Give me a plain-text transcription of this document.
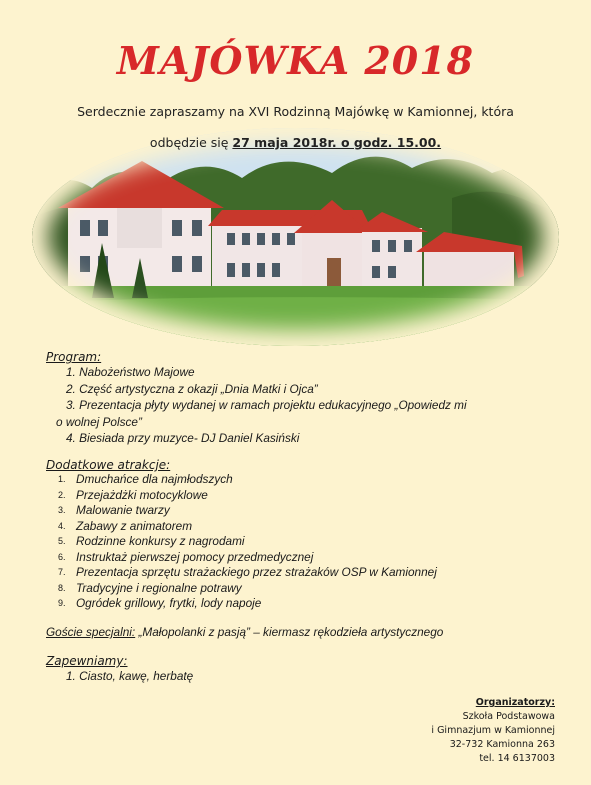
MAJÓWKA 2018

Serdecznie zapraszamy na XVI Rodzinną Majówkę w Kamionnej, która

odbędzie się 27 maja 2018r. o godz. 15.00.

Program:
1. Nabożeństwo Majowe
2. Część artystyczna z okazji „Dnia Matki i Ojca”
3. Prezentacja płyty wydanej w ramach projektu edukacyjnego „Opowiedz mi
o wolnej Polsce”
4. Biesiada przy muzyce- DJ Daniel Kasiński
Dodatkowe atrakcje:
1. Dmuchańce dla najmłodszych
2. Przejażdżki motocyklowe
3. Malowanie twarzy
4. Zabawy z animatorem
5. Rodzinne konkursy z nagrodami
6. Instruktaż pierwszej pomocy przedmedycznej
7. Prezentacja sprzętu strażackiego przez strażaków OSP w Kamionnej
8. Tradycyjne i regionalne potrawy
9. Ogródek grillowy, frytki, lody napoje
Goście specjalni: „Małopolanki z pasją” – kiermasz rękodzieła artystycznego
Zapewniamy:
1. Ciasto, kawę, herbatę
Organizatorzy:
Szkoła Podstawowa
i Gimnazjum w Kamionnej
32-732 Kamionna 263
tel. 14 6137003
